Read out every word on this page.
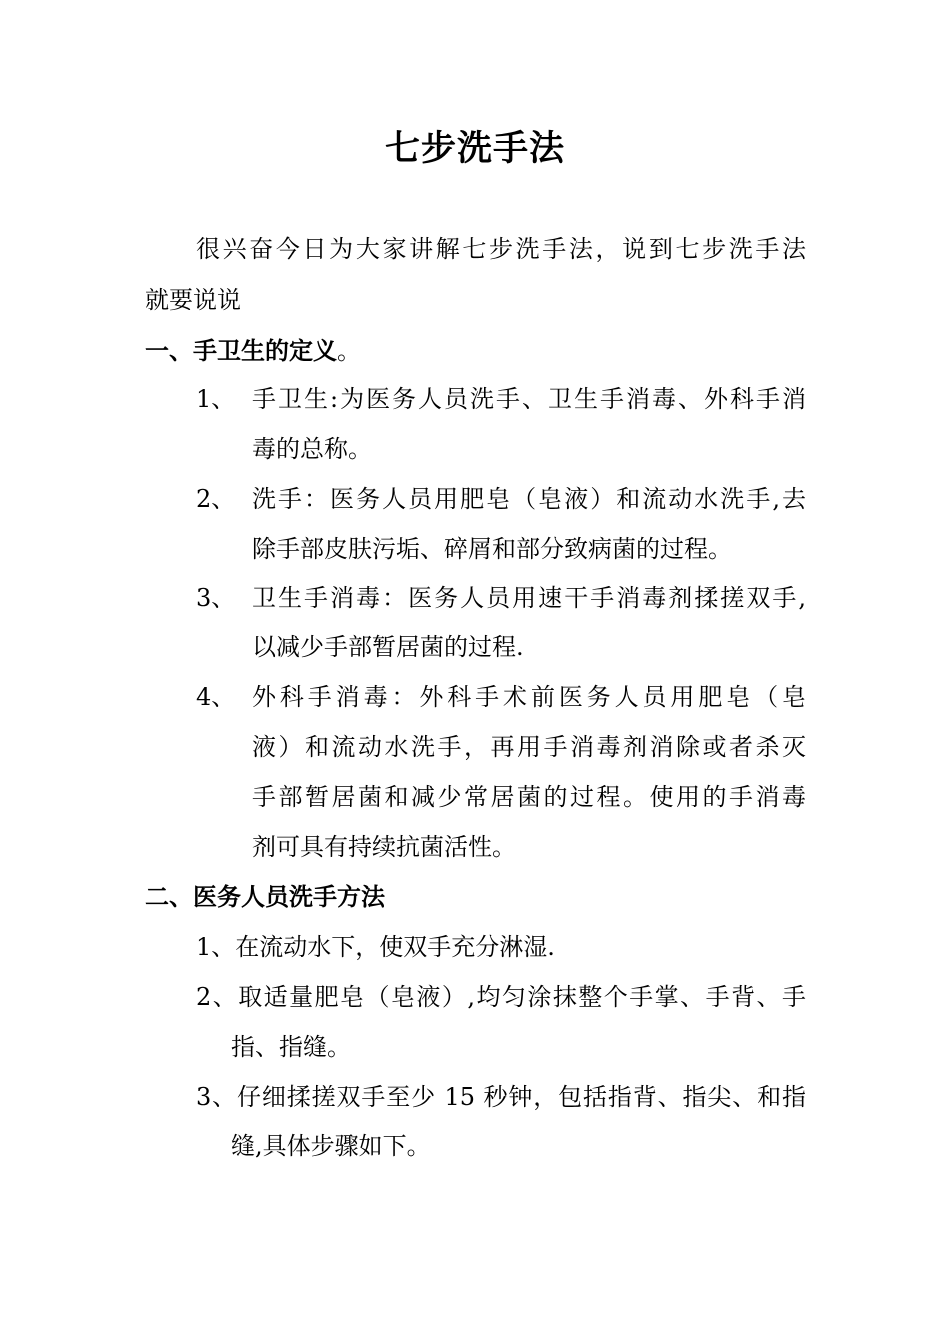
七步洗手法
很兴奋今日为大家讲解七步洗手法，说到七步洗手法
就要说说
一、手卫生的定义。
1、 手卫生:为医务人员洗手、卫生手消毒、外科手消
毒的总称。
2、 洗手：医务人员用肥皂（皂液）和流动水洗手,去
除手部皮肤污垢、碎屑和部分致病菌的过程。
3、 卫生手消毒：医务人员用速干手消毒剂揉搓双手,
以减少手部暂居菌的过程.
4、 外科手消毒：外科手术前医务人员用肥皂（皂
液）和流动水洗手，再用手消毒剂消除或者杀灭
手部暂居菌和减少常居菌的过程。使用的手消毒
剂可具有持续抗菌活性。
二、医务人员洗手方法
1、在流动水下，使双手充分淋湿.
2、取适量肥皂（皂液）,均匀涂抹整个手掌、手背、手
指、指缝。
3、仔细揉搓双手至少 15 秒钟，包括指背、指尖、和指
缝,具体步骤如下。
